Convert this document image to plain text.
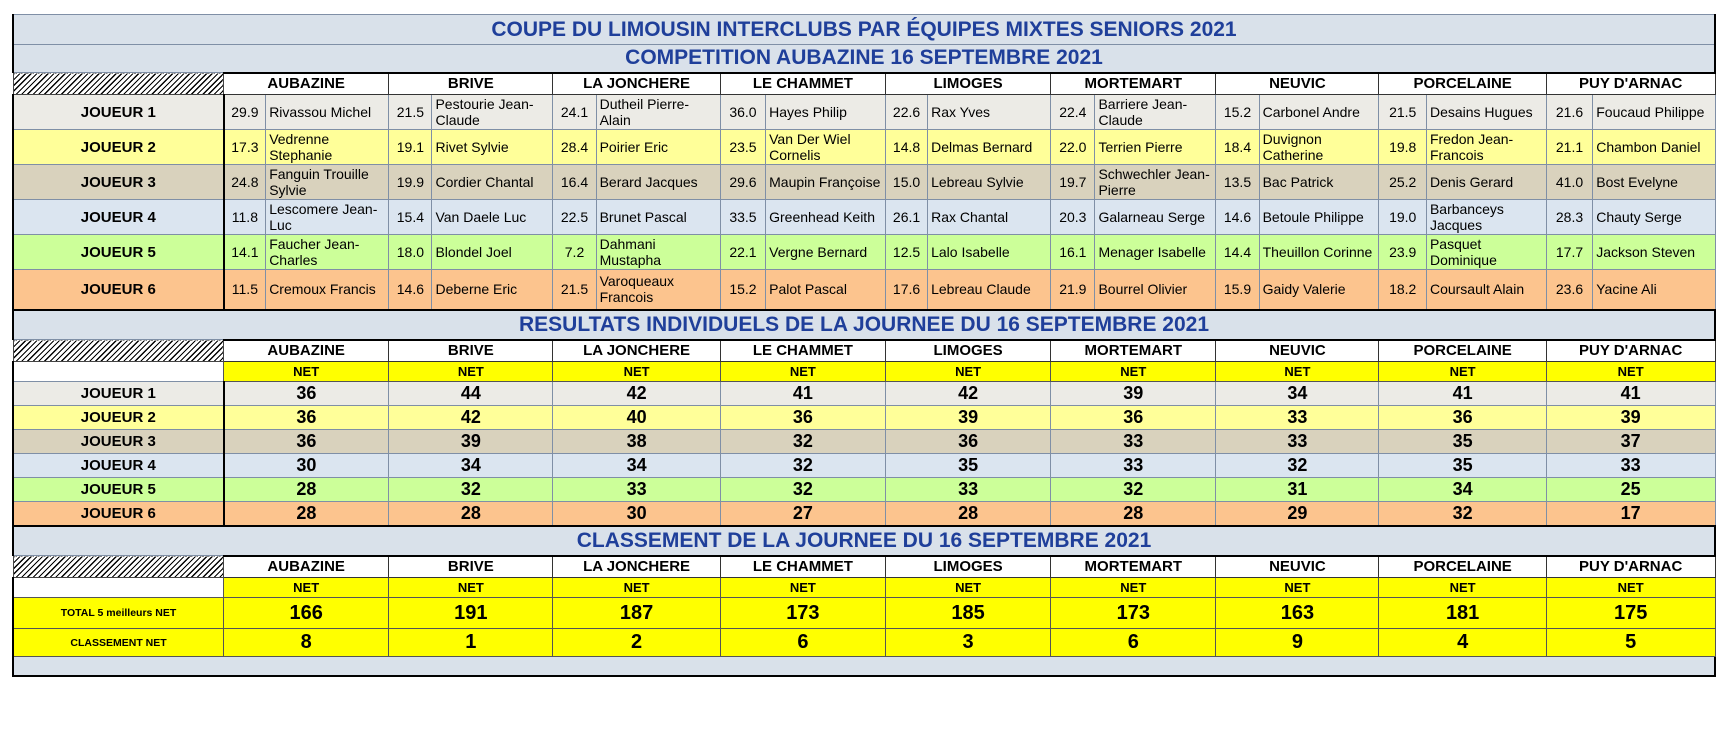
COUPE DU LIMOUSIN INTERCLUBS PAR ÉQUIPES MIXTES SENIORS 2021																		
COMPETITION AUBAZINE 16 SEPTEMBRE 2021																		
	AUBAZINE		BRIVE		LA JONCHERE		LE CHAMMET		LIMOGES		MORTEMART		NEUVIC		PORCELAINE		PUY D'ARNAC	
JOUEUR 1	29.9	Rivassou Michel	21.5	Pestourie Jean-Claude	24.1	Dutheil Pierre-Alain	36.0	Hayes Philip	22.6	Rax Yves	22.4	Barriere Jean-Claude	15.2	Carbonel Andre	21.5	Desains Hugues	21.6	Foucaud Philippe
JOUEUR 2	17.3	Vedrenne Stephanie	19.1	Rivet Sylvie	28.4	Poirier Eric	23.5	Van Der Wiel Cornelis	14.8	Delmas Bernard	22.0	Terrien Pierre	18.4	Duvignon Catherine	19.8	Fredon Jean-Francois	21.1	Chambon Daniel
JOUEUR 3	24.8	Fanguin Trouille Sylvie	19.9	Cordier Chantal	16.4	Berard Jacques	29.6	Maupin Françoise	15.0	Lebreau Sylvie	19.7	Schwechler Jean-Pierre	13.5	Bac Patrick	25.2	Denis Gerard	41.0	Bost Evelyne
JOUEUR 4	11.8	Lescomere Jean-Luc	15.4	Van Daele Luc	22.5	Brunet Pascal	33.5	Greenhead Keith	26.1	Rax Chantal	20.3	Galarneau Serge	14.6	Betoule Philippe	19.0	Barbanceys Jacques	28.3	Chauty Serge
JOUEUR 5	14.1	Faucher Jean-Charles	18.0	Blondel Joel	7.2	Dahmani Mustapha	22.1	Vergne Bernard	12.5	Lalo Isabelle	16.1	Menager Isabelle	14.4	Theuillon Corinne	23.9	Pasquet Dominique	17.7	Jackson Steven
JOUEUR 6	11.5	Cremoux Francis	14.6	Deberne Eric	21.5	Varoqueaux Francois	15.2	Palot Pascal	17.6	Lebreau Claude	21.9	Bourrel Olivier	15.9	Gaidy Valerie	18.2	Coursault Alain	23.6	Yacine Ali
RESULTATS INDIVIDUELS DE LA JOURNEE DU 16 SEPTEMBRE 2021																		
	AUBAZINE		BRIVE		LA JONCHERE		LE CHAMMET		LIMOGES		MORTEMART		NEUVIC		PORCELAINE		PUY D'ARNAC	
	NET		NET		NET		NET		NET		NET		NET		NET		NET	
JOUEUR 1	36		44		42		41		42		39		34		41		41	
JOUEUR 2	36		42		40		36		39		36		33		36		39	
JOUEUR 3	36		39		38		32		36		33		33		35		37	
JOUEUR 4	30		34		34		32		35		33		32		35		33	
JOUEUR 5	28		32		33		32		33		32		31		34		25	
JOUEUR 6	28		28		30		27		28		28		29		32		17	
CLASSEMENT DE LA JOURNEE DU 16 SEPTEMBRE 2021																		
	AUBAZINE		BRIVE		LA JONCHERE		LE CHAMMET		LIMOGES		MORTEMART		NEUVIC		PORCELAINE		PUY D'ARNAC	
	NET		NET		NET		NET		NET		NET		NET		NET		NET	
TOTAL 5 meilleurs NET	166		191		187		173		185		173		163		181		175	
CLASSEMENT NET	8		1		2		6		3		6		9		4		5	
